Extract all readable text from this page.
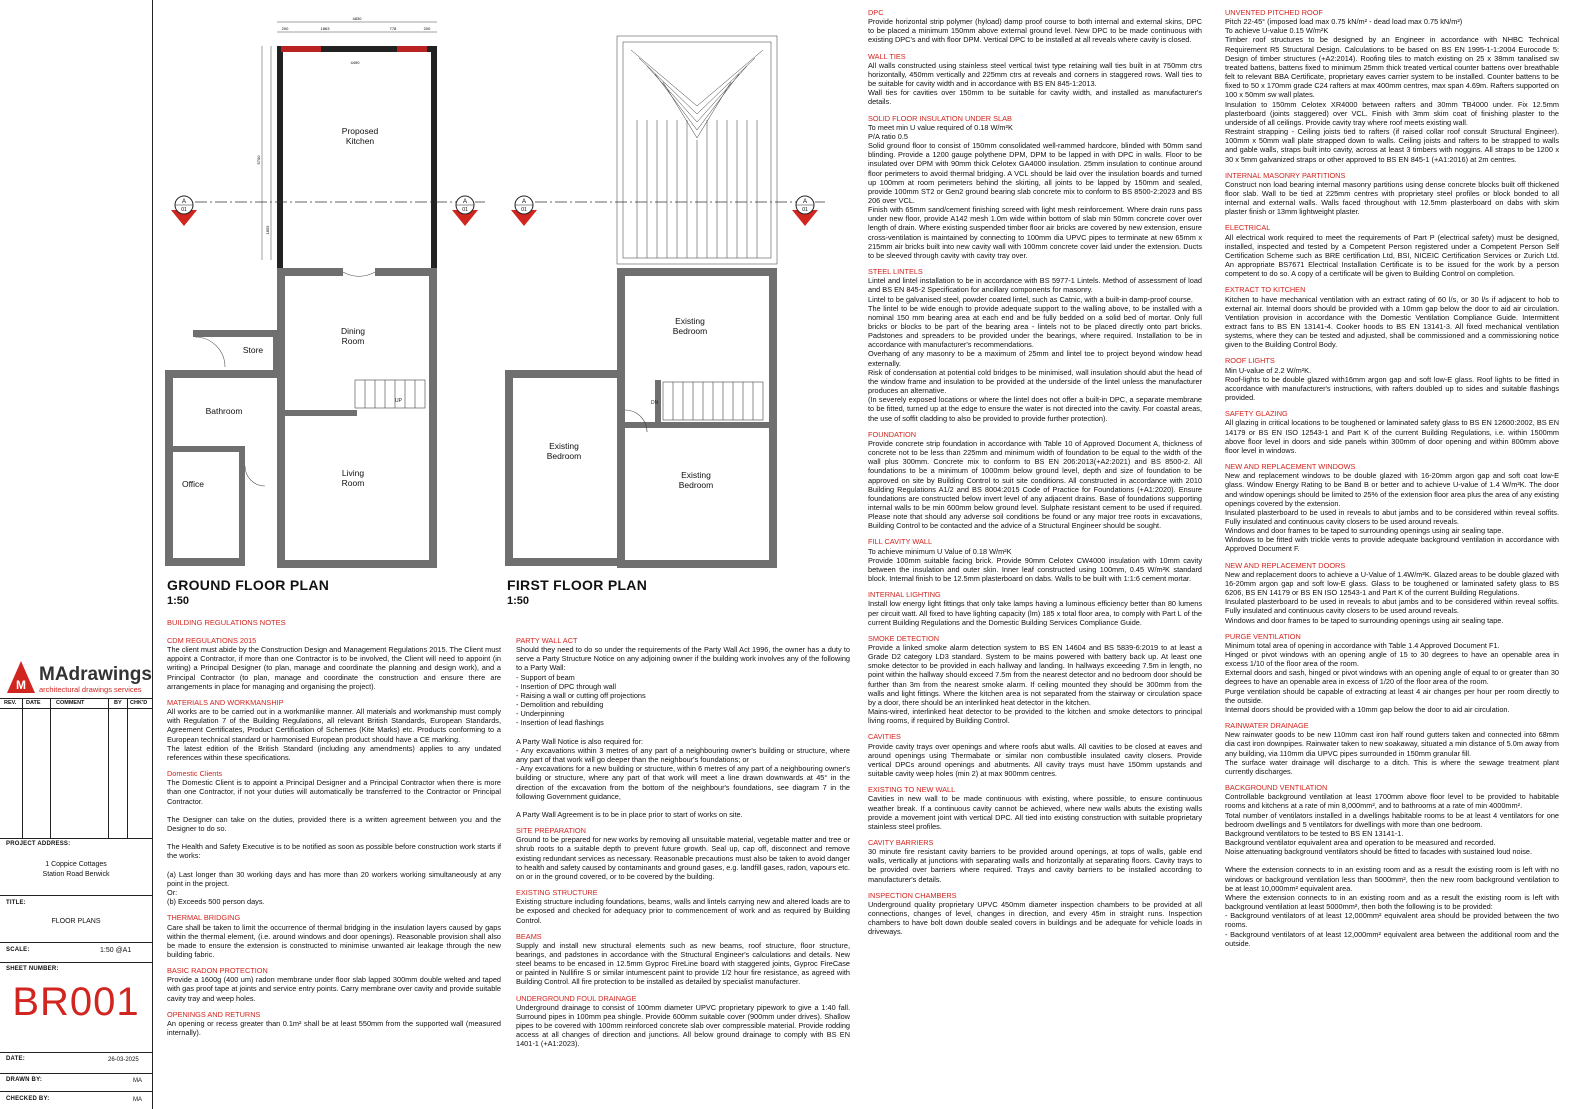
M MAdrawings
architectural drawings services
REV. DATE	COMMENT	BY CHK'D
PROJECT ADDRESS:
1 Coppice Cottages
Station Road Berwick
TITLE:
FLOOR PLANS
SCALE:	1:50 @A1
SHEET NUMBER:
BR001
DATE:	26-03-2025
DRAWN BY:	MA
CHECKED BY:	MA
A
01
A
01
UP
4830
200	1863	778	200
4490
5700
1855
Proposed
Kitchen
Dining
Room
Store
Bathroom
Office
Living
Room
GROUND FLOOR PLAN
1:50
A
01
A
01
DN
Existing
Bedroom
Existing
Bedroom
Existing
Bedroom
FIRST FLOOR PLAN
1:50
BUILDING REGULATIONS NOTES
CDM REGULATIONS 2015

The client must abide by the Construction Design and Management Regulations 2015. The Client must appoint a Contractor, if more than one Contractor is to be involved, the Client will need to appoint (in writing) a Principal Designer (to plan, manage and coordinate the planning and design work), and a Principal Contractor (to plan, manage and coordinate the construction and ensure there are arrangements in place for managing and organising the project).

MATERIALS AND WORKMANSHIP

All works are to be carried out in a workmanlike manner. All materials and workmanship must comply with Regulation 7 of the Building Regulations, all relevant British Standards, European Standards, Agreement Certificates, Product Certification of Schemes (Kite Marks) etc. Products conforming to a European technical standard or harmonised European product should have a CE marking.
The latest edition of the British Standard (including any amendments) applies to any undated references within these specifications.

Domestic Clients

The Domestic Client is to appoint a Principal Designer and a Principal Contractor when there is more than one Contractor, if not your duties will automatically be transferred to the Contractor or Principal Contractor.

The Designer can take on the duties, provided there is a written agreement between you and the Designer to do so.

The Health and Safety Executive is to be notified as soon as possible before construction work starts if the works:

(a) Last longer than 30 working days and has more than 20 workers working simultaneously at any point in the project.
Or:
(b) Exceeds 500 person days.

THERMAL BRIDGING

Care shall be taken to limit the occurrence of thermal bridging in the insulation layers caused by gaps within the thermal element, (i.e. around windows and door openings). Reasonable provision shall also be made to ensure the extension is constructed to minimise unwanted air leakage through the new building fabric.

BASIC RADON PROTECTION

Provide a 1600g (400 um) radon membrane under floor slab lapped 300mm double welted and taped with gas proof tape at joints and service entry points. Carry membrane over cavity and provide suitable cavity tray and weep holes.

OPENINGS AND RETURNS

An opening or recess greater than 0.1m² shall be at least 550mm from the supported wall (measured internally).

PARTY WALL ACT

Should they need to do so under the requirements of the Party Wall Act 1996, the owner has a duty to serve a Party Structure Notice on any adjoining owner if the building work involves any of the following to a Party Wall:
- Support of beam
- Insertion of DPC through wall
- Raising a wall or cutting off projections
- Demolition and rebuilding
- Underpinning
- Insertion of lead flashings

A Party Wall Notice is also required for:
- Any excavations within 3 metres of any part of a neighbouring owner's building or structure, where any part of that work will go deeper than the neighbour's foundations; or
- Any excavations for a new building or structure, within 6 metres of any part of a neighbouring owner's building or structure, where any part of that work will meet a line drawn downwards at 45° in the direction of the excavation from the bottom of the neighbour's foundations, see diagram 7 in the following Government guidance,

A Party Wall Agreement is to be in place prior to start of works on site.

SITE PREPARATION

Ground to be prepared for new works by removing all unsuitable material, vegetable matter and tree or shrub roots to a suitable depth to prevent future growth. Seal up, cap off, disconnect and remove existing redundant services as necessary. Reasonable precautions must also be taken to avoid danger to health and safety caused by contaminants and ground gases, e.g. landfill gases, radon, vapours etc. on or in the ground covered, or to be covered by the building.

EXISTING STRUCTURE

Existing structure including foundations, beams, walls and lintels carrying new and altered loads are to be exposed and checked for adequacy prior to commencement of work and as required by Building Control.

BEAMS

Supply and install new structural elements such as new beams, roof structure, floor structure, bearings, and padstones in accordance with the Structural Engineer's calculations and details. New steel beams to be encased in 12.5mm Gyproc FireLine board with staggered joints, Gyproc FireCase or painted in Nullifire S or similar intumescent paint to provide 1/2 hour fire resistance, as agreed with Building Control. All fire protection to be installed as detailed by specialist manufacturer.

UNDERGROUND FOUL DRAINAGE

Underground drainage to consist of 100mm diameter UPVC proprietary pipework to give a 1:40 fall. Surround pipes in 100mm pea shingle. Provide 600mm suitable cover (900mm under drives). Shallow pipes to be covered with 100mm reinforced concrete slab over compressible material. Provide rodding access at all changes of direction and junctions. All below ground drainage to comply with BS EN 1401-1 (+A1:2023).

DPC

Provide horizontal strip polymer (hyload) damp proof course to both internal and external skins, DPC to be placed a minimum 150mm above external ground level. New DPC to be made continuous with existing DPC's and with floor DPM. Vertical DPC to be installed at all reveals where cavity is closed.

WALL TIES

All walls constructed using stainless steel vertical twist type retaining wall ties built in at 750mm ctrs horizontally, 450mm vertically and 225mm ctrs at reveals and corners in staggered rows. Wall ties to be suitable for cavity width and in accordance with BS EN 845-1:2013.
Wall ties for cavities over 150mm to be suitable for cavity width, and installed as manufacturer's details.

SOLID FLOOR INSULATION UNDER SLAB

To meet min U value required of 0.18 W/m²K
P/A ratio 0.5
Solid ground floor to consist of 150mm consolidated well-rammed hardcore, blinded with 50mm sand blinding. Provide a 1200 gauge polythene DPM, DPM to be lapped in with DPC in walls. Floor to be insulated over DPM with 90mm thick Celotex GA4000 insulation. 25mm insulation to continue around floor perimeters to avoid thermal bridging. A VCL should be laid over the insulation boards and turned up 100mm at room perimeters behind the skirting, all joints to be lapped by 150mm and sealed, provide 100mm ST2 or Gen2 ground bearing slab concrete mix to conform to BS 8500-2:2023 and BS 206 over VCL.
Finish with 65mm sand/cement finishing screed with light mesh reinforcement. Where drain runs pass under new floor, provide A142 mesh 1.0m wide within bottom of slab min 50mm concrete cover over length of drain. Where existing suspended timber floor air bricks are covered by new extension, ensure cross-ventilation is maintained by connecting to 100mm dia UPVC pipes to terminate at new 65mm x 215mm air bricks built into new cavity wall with 100mm concrete cover laid under the extension. Ducts to be sleeved through cavity with cavity tray over.

STEEL LINTELS

Lintel and lintel installation to be in accordance with BS 5977-1 Lintels. Method of assessment of load and BS EN 845-2 Specification for ancillary components for masonry.
Lintel to be galvanised steel, powder coated lintel, such as Catnic, with a built-in damp-proof course.
The lintel to be wide enough to provide adequate support to the walling above, to be installed with a nominal 150 mm bearing area at each end and be fully bedded on a solid bed of mortar. Only full bricks or blocks to be part of the bearing area - lintels not to be placed directly onto part bricks. Padstones and spreaders to be provided under the bearings, where required. Installation to be in accordance with manufacturer's recommendations.
Overhang of any masonry to be a maximum of 25mm and lintel toe to project beyond window head externally.
Risk of condensation at potential cold bridges to be minimised, wall insulation should abut the head of the window frame and insulation to be provided at the underside of the lintel unless the manufacturer produces an alternative.
(In severely exposed locations or where the lintel does not offer a built-in DPC, a separate membrane to be fitted, turned up at the edge to ensure the water is not directed into the cavity. For coastal areas, the use of soffit cladding to also be provided to provide further protection).

FOUNDATION

Provide concrete strip foundation in accordance with Table 10 of Approved Document A, thickness of concrete not to be less than 225mm and minimum width of foundation to be equal to the width of the wall plus 300mm. Concrete mix to conform to BS EN 206:2013(+A2:2021) and BS 8500-2. All foundations to be a minimum of 1000mm below ground level, depth and size of foundation to be approved on site by Building Control to suit site conditions. All constructed in accordance with 2010 Building Regulations A1/2 and BS 8004:2015 Code of Practice for Foundations (+A1:2020). Ensure foundations are constructed below invert level of any adjacent drains. Base of foundations supporting internal walls to be min 600mm below ground level. Sulphate resistant cement to be used if required. Please note that should any adverse soil conditions be found or any major tree roots in excavations, Building Control to be contacted and the advice of a Structural Engineer should be sought.

FILL CAVITY WALL

To achieve minimum U Value of 0.18 W/m²K
Provide 100mm suitable facing brick. Provide 90mm Celotex CW4000 insulation with 10mm cavity between the insulation and outer skin. Inner leaf constructed using 100mm, 0.45 W/m²K standard block. Internal finish to be 12.5mm plasterboard on dabs. Walls to be built with 1:1:6 cement mortar.

INTERNAL LIGHTING

Install low energy light fittings that only take lamps having a luminous efficiency better than 80 lumens per circuit watt. All fixed to have lighting capacity (lm) 185 x total floor area, to comply with Part L of the current Building Regulations and the Domestic Building Services Compliance Guide.

SMOKE DETECTION

Provide a linked smoke alarm detection system to BS EN 14604 and BS 5839-6:2019 to at least a Grade D2 category LD3 standard. System to be mains powered with battery back up. At least one smoke detector to be provided in each hallway and landing. In hallways exceeding 7.5m in length, no point within the hallway should exceed 7.5m from the nearest detector and no bedroom door should be further than 3m from the nearest smoke alarm. If ceiling mounted they should be 300mm from the walls and light fittings. Where the kitchen area is not separated from the stairway or circulation space by a door, there should be an interlinked heat detector in the kitchen.
Mains-wired, interlinked heat detector to be provided to the kitchen and smoke detectors to principal living rooms, if required by Building Control.

CAVITIES

Provide cavity trays over openings and where roofs abut walls. All cavities to be closed at eaves and around openings using Thermabate or similar non combustible insulated cavity closers. Provide vertical DPCs around openings and abutments. All cavity trays must have 150mm upstands and suitable cavity weep holes (min 2) at max 900mm centres.

EXISTING TO NEW WALL

Cavities in new wall to be made continuous with existing, where possible, to ensure continuous weather break. If a continuous cavity cannot be achieved, where new walls abuts the existing walls provide a movement joint with vertical DPC. All tied into existing construction with suitable proprietary stainless steel profiles.

CAVITY BARRIERS

30 minute fire resistant cavity barriers to be provided around openings, at tops of walls, gable end walls, vertically at junctions with separating walls and horizontally at separating floors. Cavity trays to be provided over barriers where required. Trays and cavity barriers to be installed according to manufacturer's details.

INSPECTION CHAMBERS

Underground quality proprietary UPVC 450mm diameter inspection chambers to be provided at all connections, changes of level, changes in direction, and every 45m in straight runs. Inspection chambers to have bolt down double sealed covers in buildings and be adequate for vehicle loads in driveways.

UNVENTED PITCHED ROOF

Pitch 22-45° (imposed load max 0.75 kN/m² - dead load max 0.75 kN/m²)
To achieve U-value 0.15 W/m²K
Timber roof structures to be designed by an Engineer in accordance with NHBC Technical Requirement R5 Structural Design. Calculations to be based on BS EN 1995-1-1:2004 Eurocode 5: Design of timber structures (+A2:2014). Roofing tiles to match existing on 25 x 38mm tanalised sw treated battens, battens fixed to minimum 25mm thick treated vertical counter battens over breathable felt to relevant BBA Certificate, proprietary eaves carrier system to be installed. Counter battens to be fixed to 50 x 170mm grade C24 rafters at max 400mm centres, max span 4.69m. Rafters supported on 100 x 50mm sw wall plates.
Insulation to 150mm Celotex XR4000 between rafters and 30mm TB4000 under. Fix 12.5mm plasterboard (joints staggered) over VCL. Finish with 3mm skim coat of finishing plaster to the underside of all ceilings. Provide cavity tray where roof meets existing wall.
Restraint strapping - Ceiling joists tied to rafters (if raised collar roof consult Structural Engineer). 100mm x 50mm wall plate strapped down to walls. Ceiling joists and rafters to be strapped to walls and gable walls, straps built into cavity, across at least 3 timbers with noggins. All straps to be 1200 x 30 x 5mm galvanized straps or other approved to BS EN 845-1 (+A1:2016) at 2m centres.

INTERNAL MASONRY PARTITIONS

Construct non load bearing internal masonry partitions using dense concrete blocks built off thickened floor slab. Wall to be tied at 225mm centres with proprietary steel profiles or block bonded to all internal and external walls. Walls faced throughout with 12.5mm plasterboard on dabs with skim plaster finish or 13mm lightweight plaster.

ELECTRICAL

All electrical work required to meet the requirements of Part P (electrical safety) must be designed, installed, inspected and tested by a Competent Person registered under a Competent Person Self Certification Scheme such as BRE certification Ltd, BSI, NICEIC Certification Services or Zurich Ltd. An appropriate BS7671 Electrical Installation Certificate is to be issued for the work by a person competent to do so. A copy of a certificate will be given to Building Control on completion.

EXTRACT TO KITCHEN

Kitchen to have mechanical ventilation with an extract rating of 60 l/s, or 30 l/s if adjacent to hob to external air. Internal doors should be provided with a 10mm gap below the door to aid air circulation. Ventilation provision in accordance with the Domestic Ventilation Compliance Guide. Intermittent extract fans to BS EN 13141-4. Cooker hoods to BS EN 13141-3. All fixed mechanical ventilation systems, where they can be tested and adjusted, shall be commissioned and a commissioning notice given to the Building Control Body.

ROOF LIGHTS

Min U-value of 2.2 W/m²K.
Roof-lights to be double glazed with16mm argon gap and soft low-E glass. Roof lights to be fitted in accordance with manufacturer's instructions, with rafters doubled up to sides and suitable flashings provided.

SAFETY GLAZING

All glazing in critical locations to be toughened or laminated safety glass to BS EN 12600:2002, BS EN 14179 or BS EN ISO 12543-1 and Part K of the current Building Regulations, i.e. within 1500mm above floor level in doors and side panels within 300mm of door opening and within 800mm above floor level in windows.

NEW AND REPLACEMENT WINDOWS

New and replacement windows to be double glazed with 16-20mm argon gap and soft coat low-E glass. Window Energy Rating to be Band B or better and to achieve U-value of 1.4 W/m²K. The door and window openings should be limited to 25% of the extension floor area plus the area of any existing openings covered by the extension.
Insulated plasterboard to be used in reveals to abut jambs and to be considered within reveal soffits. Fully insulated and continuous cavity closers to be used around reveals.
Windows and door frames to be taped to surrounding openings using air sealing tape.
Windows to be fitted with trickle vents to provide adequate background ventilation in accordance with Approved Document F.

NEW AND REPLACEMENT DOORS

New and replacement doors to achieve a U-Value of 1.4W/m²K. Glazed areas to be double glazed with 16-20mm argon gap and soft low-E glass. Glass to be toughened or laminated safety glass to BS 6206, BS EN 14179 or BS EN ISO 12543-1 and Part K of the current Building Regulations.
Insulated plasterboard to be used in reveals to abut jambs and to be considered within reveal soffits. Fully insulated and continuous cavity closers to be used around reveals.
Windows and door frames to be taped to surrounding openings using air sealing tape.

PURGE VENTILATION

Minimum total area of opening in accordance with Table 1.4 Approved Document F1.
Hinged or pivot windows with an opening angle of 15 to 30 degrees to have an openable area in excess 1/10 of the floor area of the room.
External doors and sash, hinged or pivot windows with an opening angle of equal to or greater than 30 degrees to have an openable area in excess of 1/20 of the floor area of the room.
Purge ventilation should be capable of extracting at least 4 air changes per hour per room directly to the outside.
Internal doors should be provided with a 10mm gap below the door to aid air circulation.

RAINWATER DRAINAGE

New rainwater goods to be new 110mm cast iron half round gutters taken and connected into 68mm dia cast iron downpipes. Rainwater taken to new soakaway, situated a min distance of 5.0m away from any building, via 110mm dia UPVC pipes surrounded in 150mm granular fill.
The surface water drainage will discharge to a ditch. This is where the sewage treatment plant currently discharges.

BACKGROUND VENTILATION

Controllable background ventilation at least 1700mm above floor level to be provided to habitable rooms and kitchens at a rate of min 8,000mm², and to bathrooms at a rate of min 4000mm².
Total number of ventilators installed in a dwellings habitable rooms to be at least 4 ventilators for one bedroom dwellings and 5 ventilators for dwellings with more than one bedroom.
Background ventilators to be tested to BS EN 13141-1.
Background ventilator equivalent area and operation to be measured and recorded.
Noise attenuating background ventilators should be fitted to facades with sustained loud noise.

Where the extension connects to in an existing room and as a result the existing room is left with no windows or background ventilation less than 5000mm², then the new room background ventilation to be at least 10,000mm² equivalent area.
Where the extension connects to in an existing room and as a result the existing room is left with background ventilation at least 5000mm², then both the following is to be provided:
- Background ventilators of at least 12,000mm² equivalent area should be provided between the two rooms.
- Background ventilators of at least 12,000mm² equivalent area between the additional room and the outside.
